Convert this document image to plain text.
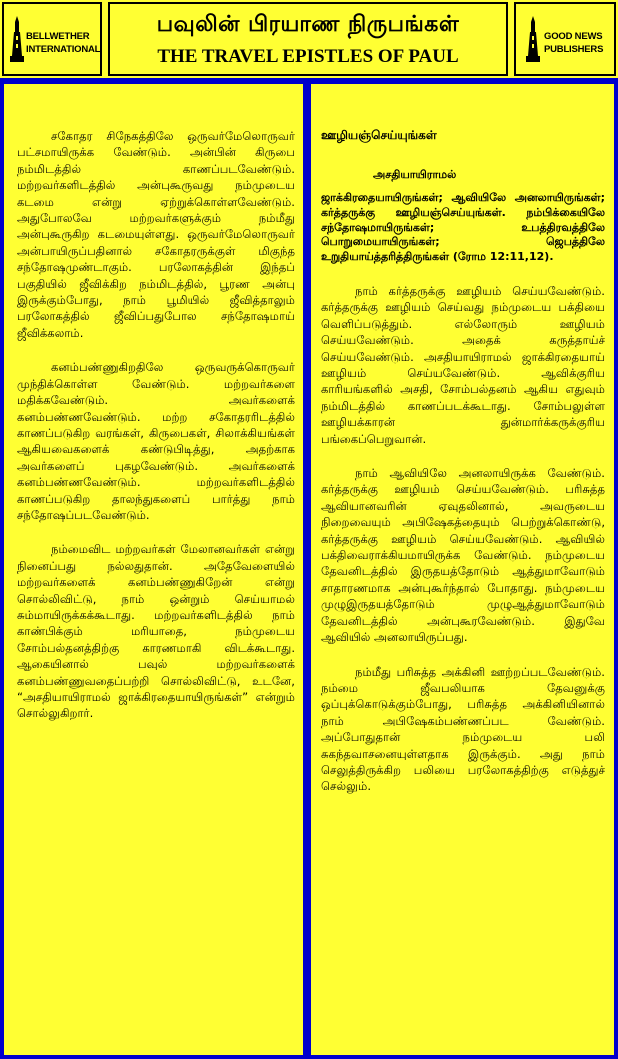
BELLWETHER
INTERNATIONAL
பவுலின் பிரயாண நிருபங்கள்
THE TRAVEL EPISTLES OF PAUL
GOOD NEWS
PUBLISHERS

சகோதர சிநேகத்திலே ஒருவர்மேலொருவர் பட்சமாயிருக்க வேண்டும். அன்பின் கிருபை நம்மிடத்தில் காணப்படவேண்டும். மற்றவர்களிடத்தில் அன்புகூருவது நம்முடைய கடமை என்று ஏற்றுக்கொள்ளவேண்டும். அதுபோலவே மற்றவர்களுக்கும் நம்மீது அன்புகூருகிற கடமையுள்ளது. ஒருவர்மேலொருவர் அன்பாயிருப்பதினால் சகோதரருக்குள் மிகுந்த சந்தோஷமுண்டாகும். பரலோகத்தின் இந்தப் பகுதியில் ஜீவிக்கிற நம்மிடத்தில், பூரண அன்பு இருக்கும்போது, நாம் பூமியில் ஜீவித்தாலும் பரலோகத்தில் ஜீவிப்பதுபோல சந்தோஷமாய் ஜீவிக்கலாம்.

கனம்பண்ணுகிறதிலே ஒருவருக்கொருவர் முந்திக்கொள்ள வேண்டும். மற்றவர்களை மதிக்கவேண்டும். அவர்களைக் கனம்பண்ணவேண்டும். மற்ற சகோதரரிடத்தில் காணப்படுகிற வரங்கள், கிருபைகள், சிலாக்கியங்கள் ஆகியவைகளைக் கண்டுபிடித்து, அதற்காக அவர்களைப் புகழவேண்டும். அவர்களைக் கனம்பண்ணவேண்டும். மற்றவர்களிடத்தில் காணப்படுகிற தாலந்துகளைப் பார்த்து நாம் சந்தோஷப்படவேண்டும்.

நம்மைவிட மற்றவர்கள் மேலானவர்கள் என்று நினைப்பது நல்லதுதான். அதேவேளையில் மற்றவர்களைக் கனம்பண்ணுகிறேன் என்று சொல்லிவிட்டு, நாம் ஒன்றும் செய்யாமல் சும்மாயிருக்கக்கூடாது. மற்றவர்களிடத்தில் நாம் காண்பிக்கும் மரியாதை, நம்முடைய சோம்பல்தனத்திற்கு காரணமாகி விடக்கூடாது. ஆகையினால் பவுல் மற்றவர்களைக் கனம்பண்ணுவதைப்பற்றி சொல்லிவிட்டு, உடனே, “அசதியாயிராமல் ஜாக்கிரதையாயிருங்கள்” என்றும் சொல்லுகிறார்.

ஊழியஞ்செய்யுங்கள்
அசதியாயிராமல்
ஜாக்கிரதையாயிருங்கள்; ஆவியிலே அனலாயிருங்கள்; கர்த்தருக்கு ஊழியஞ்செய்யுங்கள். நம்பிக்கையிலே சந்தோஷமாயிருங்கள்; உபத்திரவத்திலே பொறுமையாயிருங்கள்; ஜெபத்திலே உறுதியாய்த்தரித்திருங்கள் (ரோம 12:11,12).

நாம் கர்த்தருக்கு ஊழியம் செய்யவேண்டும். கர்த்தருக்கு ஊழியம் செய்வது நம்முடைய பக்தியை வெளிப்படுத்தும். எல்லோரும் ஊழியம் செய்யவேண்டும். அதைக் கருத்தாய்ச் செய்யவேண்டும். அசதியாயிராமல் ஜாக்கிரதையாய் ஊழியம் செய்யவேண்டும். ஆவிக்குரிய காரியங்களில் அசதி, சோம்பல்தனம் ஆகிய எதுவும் நம்மிடத்தில் காணப்படக்கூடாது. சோம்பலுள்ள ஊழியக்காரன் துன்மார்க்கருக்குரிய பங்கைப்பெறுவான்.

நாம் ஆவியிலே அனலாயிருக்க வேண்டும். கர்த்தருக்கு ஊழியம் செய்யவேண்டும். பரிசுத்த ஆவியானவரின் ஏவுதலினால், அவருடைய நிறைவையும் அபிஷேகத்தையும் பெற்றுக்கொண்டு, கர்த்தருக்கு ஊழியம் செய்யவேண்டும். ஆவியில் பக்திவைராக்கியமாயிருக்க வேண்டும். நம்முடைய தேவனிடத்தில் இருதயத்தோடும் ஆத்துமாவோடும் சாதாரணமாக அன்புகூர்ந்தால் போதாது. நம்முடைய முழுஇருதயத்தோடும் முழுஆத்துமாவோடும் தேவனிடத்தில் அன்புகூரவேண்டும். இதுவே ஆவியில் அனலாயிருப்பது.

நம்மீது பரிசுத்த அக்கினி ஊற்றப்படவேண்டும். நம்மை ஜீவபலியாக தேவனுக்கு ஒப்புக்கொடுக்கும்போது, பரிசுத்த அக்கினியினால் நாம் அபிஷேகம்பண்ணப்பட வேண்டும். அப்போதுதான் நம்முடைய பலி சுகந்தவாசனையுள்ளதாக இருக்கும். அது நாம் செலுத்திருக்கிற பலியை பரலோகத்திற்கு எடுத்துச் செல்லும்.
